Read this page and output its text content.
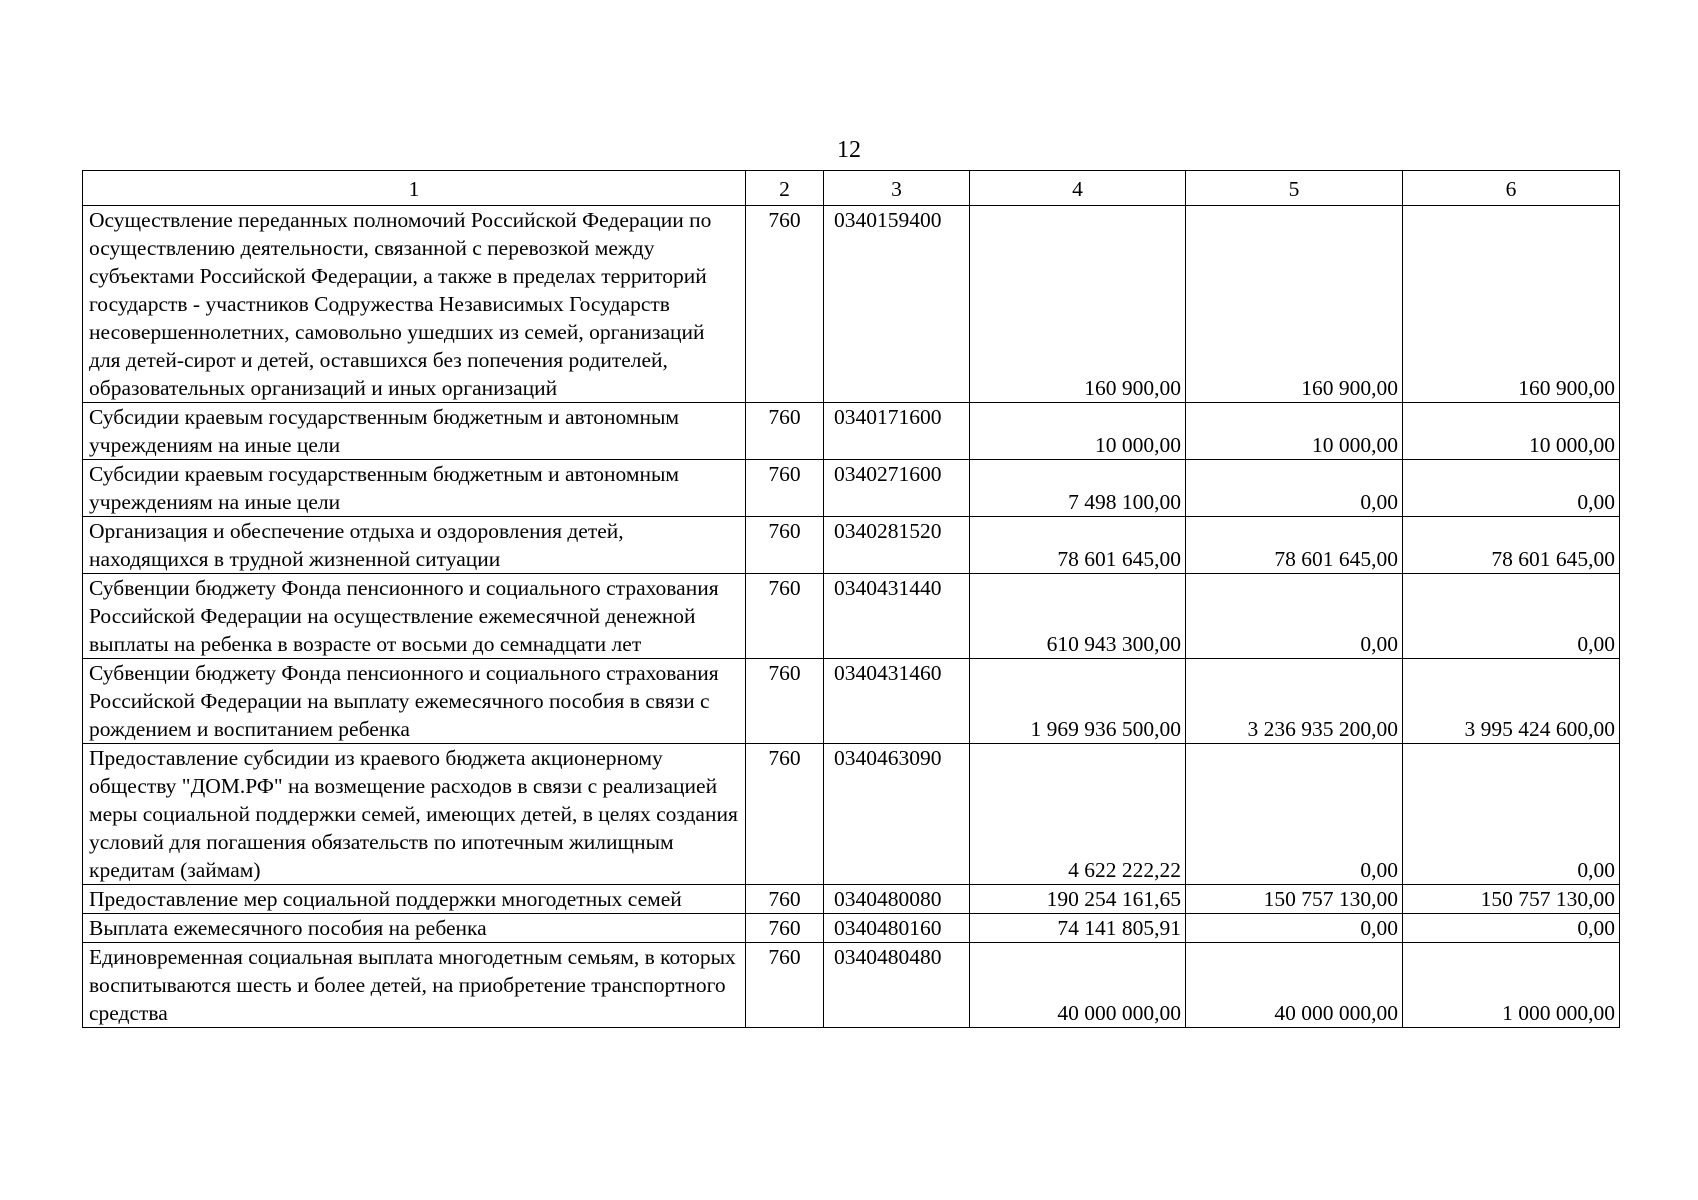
12
1	2	3	4	5	6
Осуществление переданных полномочий Российской Федерации по осуществлению деятельности, связанной с перевозкой между субъектами Российской Федерации, а также в пределах территорий государств - участников Содружества Независимых Государств несовершеннолетних, самовольно ушедших из семей, организаций для детей-сирот и детей, оставшихся без попечения родителей, образовательных организаций и иных организаций	760	0340159400	160 900,00	160 900,00	160 900,00
Субсидии краевым государственным бюджетным и автономным учреждениям на иные цели	760	0340171600	10 000,00	10 000,00	10 000,00
Субсидии краевым государственным бюджетным и автономным учреждениям на иные цели	760	0340271600	7 498 100,00	0,00	0,00
Организация и обеспечение отдыха и оздоровления детей, находящихся в трудной жизненной ситуации	760	0340281520	78 601 645,00	78 601 645,00	78 601 645,00
Субвенции бюджету Фонда пенсионного и социального страхования Российской Федерации на осуществление ежемесячной денежной выплаты на ребенка в возрасте от восьми до семнадцати лет	760	0340431440	610 943 300,00	0,00	0,00
Субвенции бюджету Фонда пенсионного и социального страхования Российской Федерации на выплату ежемесячного пособия в связи с рождением и воспитанием ребенка	760	0340431460	1 969 936 500,00	3 236 935 200,00	3 995 424 600,00
Предоставление субсидии из краевого бюджета акционерному обществу "ДОМ.РФ" на возмещение расходов в связи с реализацией меры социальной поддержки семей, имеющих детей, в целях создания условий для погашения обязательств по ипотечным жилищным кредитам (займам)	760	0340463090	4 622 222,22	0,00	0,00
Предоставление мер социальной поддержки многодетных семей	760	0340480080	190 254 161,65	150 757 130,00	150 757 130,00
Выплата ежемесячного пособия на ребенка	760	0340480160	74 141 805,91	0,00	0,00
Единовременная социальная выплата многодетным семьям, в которых воспитываются шесть и более детей, на приобретение транспортного средства	760	0340480480	40 000 000,00	40 000 000,00	1 000 000,00
